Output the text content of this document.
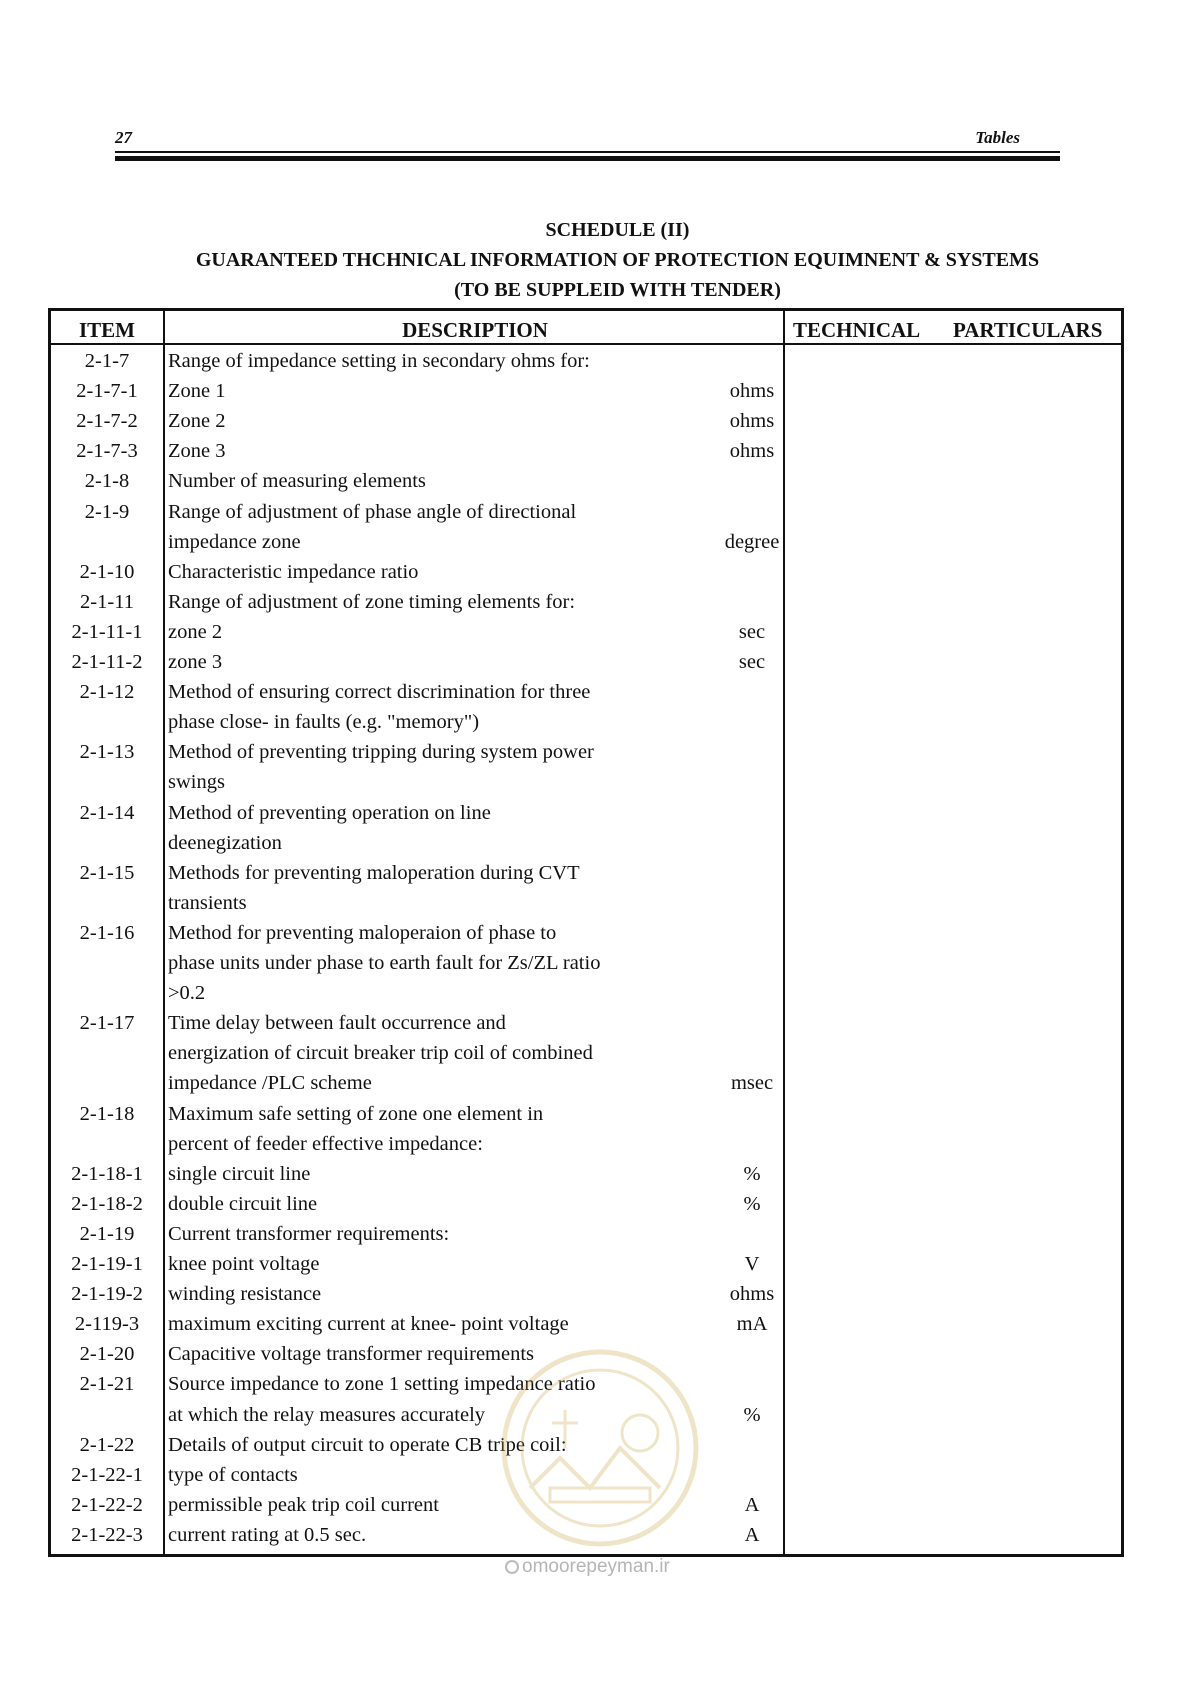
27	Tables
SCHEDULE (II)
GUARANTEED THCHNICAL INFORMATION OF PROTECTION EQUIMNENT & SYSTEMS
(TO BE SUPPLEID WITH TENDER)
ITEM	DESCRIPTION	TECHNICAL PARTICULARS
2-1-7	Range of impedance setting in secondary ohms for:
2-1-7-1	Zone 1	ohms
2-1-7-2	Zone 2	ohms
2-1-7-3	Zone 3	ohms
2-1-8	Number of measuring elements
2-1-9	Range of adjustment of phase angle of directional
impedance zone	degree
2-1-10	Characteristic impedance ratio
2-1-11	Range of adjustment of zone timing elements for:
2-1-11-1	zone 2	sec
2-1-11-2	zone 3	sec
2-1-12	Method of ensuring correct discrimination for three
phase close- in faults (e.g. "memory")
2-1-13	Method of preventing tripping during system power
swings
2-1-14	Method of preventing operation on line
deenegization
2-1-15	Methods for preventing maloperation during CVT
transients
2-1-16	Method for preventing maloperaion of phase to
phase units under phase to earth fault for Zs/ZL ratio
>0.2
2-1-17	Time delay between fault occurrence and
energization of circuit breaker trip coil of combined
impedance /PLC scheme	msec
2-1-18	Maximum safe setting of zone one element in
percent of feeder effective impedance:
2-1-18-1	single circuit line	%
2-1-18-2	double circuit line	%
2-1-19	Current transformer requirements:
2-1-19-1	knee point voltage	V
2-1-19-2	winding resistance	ohms
2-119-3	maximum exciting current at knee- point voltage	mA
2-1-20	Capacitive voltage transformer requirements
2-1-21	Source impedance to zone 1 setting impedance ratio
at which the relay measures accurately	%
2-1-22	Details of output circuit to operate CB tripe coil:
2-1-22-1	type of contacts
2-1-22-2	permissible peak trip coil current	A
2-1-22-3	current rating at 0.5 sec.	A
omoorepeyman.ir
